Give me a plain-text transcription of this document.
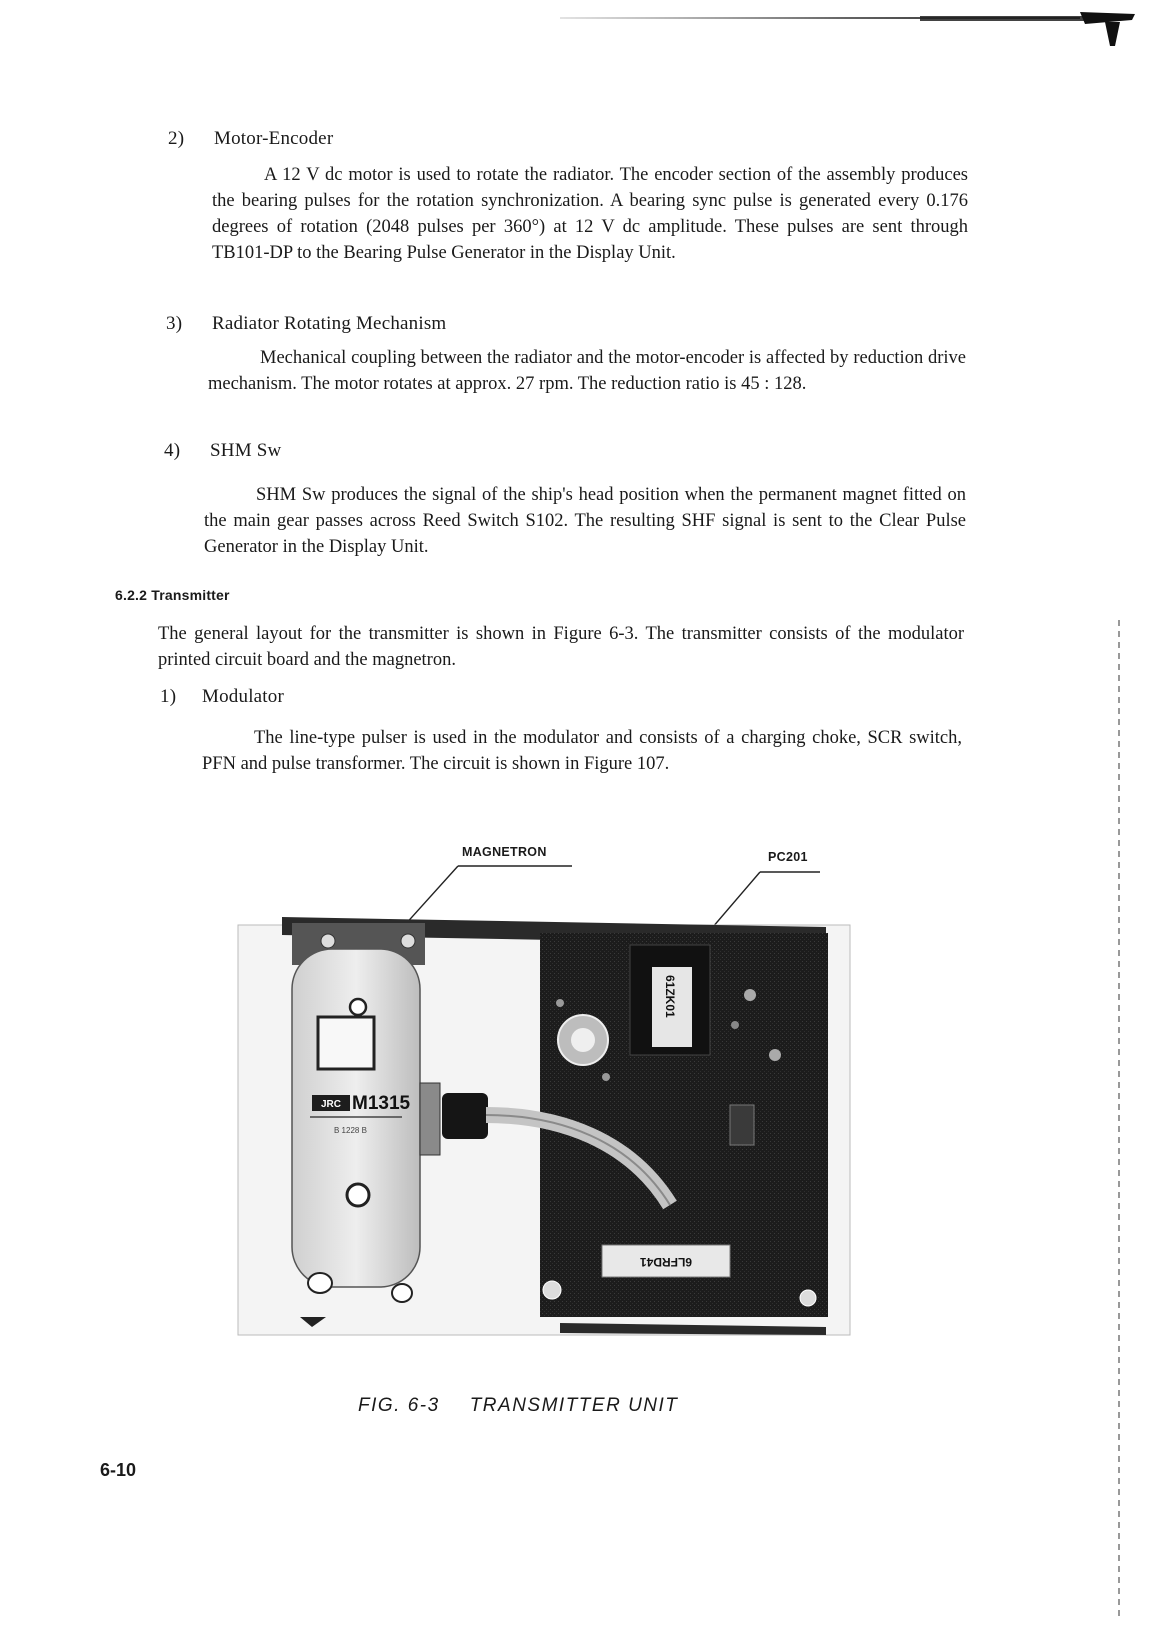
2) Motor-Encoder
A 12 V dc motor is used to rotate the radiator. The encoder section of the assembly produces the bearing pulses for the rotation synchronization. A bearing sync pulse is generated every 0.176 degrees of rotation (2048 pulses per 360°) at 12 V dc amplitude. These pulses are sent through TB101-DP to the Bearing Pulse Generator in the Display Unit.
3) Radiator Rotating Mechanism
Mechanical coupling between the radiator and the motor-encoder is affected by reduction drive mechanism. The motor rotates at approx. 27 rpm. The reduction ratio is 45 : 128.
4) SHM Sw
SHM Sw produces the signal of the ship's head position when the permanent magnet fitted on the main gear passes across Reed Switch S102. The resulting SHF signal is sent to the Clear Pulse Generator in the Display Unit.
6.2.2 Transmitter
The general layout for the transmitter is shown in Figure 6-3. The transmitter consists of the modulator printed circuit board and the magnetron.
1) Modulator
The line-type pulser is used in the modulator and consists of a charging choke, SCR switch, PFN and pulse transformer. The circuit is shown in Figure 107.
MAGNETRON	PC201
JRC M1315
B 1228 B
61ZK01
6LFRD41
FIG. 6-3 TRANSMITTER UNIT
6-10
